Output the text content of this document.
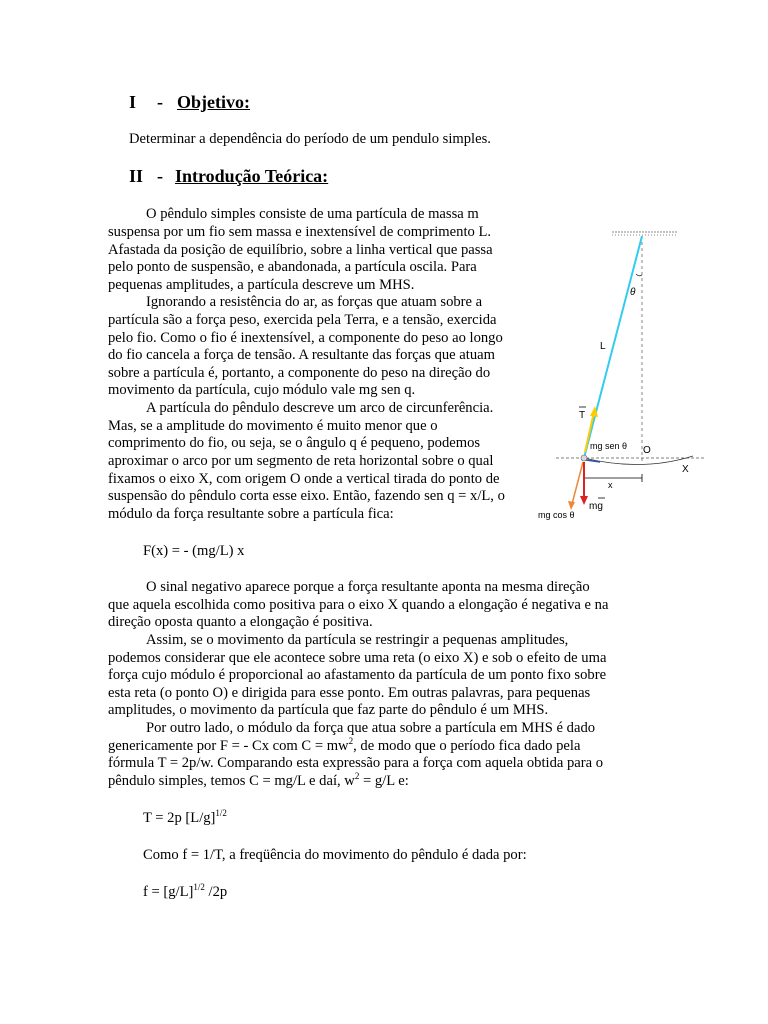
I - Objetivo:
Determinar a dependência do período de um pendulo simples.
II - Introdução Teórica:
O pêndulo simples consiste de uma partícula de massa m
suspensa por um fio sem massa e inextensível de comprimento L.
Afastada da posição de equilíbrio, sobre a linha vertical que passa
pelo ponto de suspensão, e abandonada, a partícula oscila. Para
pequenas amplitudes, a partícula descreve um MHS.
Ignorando a resistência do ar, as forças que atuam sobre a
partícula são a força peso, exercida pela Terra, e a tensão, exercida
pelo fio. Como o fio é inextensível, a componente do peso ao longo
do fio cancela a força de tensão. A resultante das forças que atuam
sobre a partícula é, portanto, a componente do peso na direção do
movimento da partícula, cujo módulo vale mg sen q.
A partícula do pêndulo descreve um arco de circunferência.
Mas, se a amplitude do movimento é muito menor que o
comprimento do fio, ou seja, se o ângulo q é pequeno, podemos
aproximar o arco por um segmento de reta horizontal sobre o qual
fixamos o eixo X, com origem O onde a vertical tirada do ponto de
suspensão do pêndulo corta esse eixo. Então, fazendo sen q = x/L, o
módulo da força resultante sobre a partícula fica:
F(x) = - (mg/L) x
O sinal negativo aparece porque a força resultante aponta na mesma direção
que aquela escolhida como positiva para o eixo X quando a elongação é negativa e na
direção oposta quanto a elongação é positiva.
Assim, se o movimento da partícula se restringir a pequenas amplitudes,
podemos considerar que ele acontece sobre uma reta (o eixo X) e sob o efeito de uma
força cujo módulo é proporcional ao afastamento da partícula de um ponto fixo sobre
esta reta (o ponto O) e dirigida para esse ponto. Em outras palavras, para pequenas
amplitudes, o movimento da partícula que faz parte do pêndulo é um MHS.
Por outro lado, o módulo da força que atua sobre a partícula em MHS é dado
genericamente por F = - Cx com $C = mw^2$, de modo que o período fica dado pela
fórmula T = 2p/w. Comparando esta expressão para a força com aquela obtida para o
pêndulo simples, temos C = mg/L e daí, $w^2 = g/L$ e:
T = 2p $[L/g]^{1/2}$
Como f = 1/T, a freqüência do movimento do pêndulo é dada por:
$f = [g/L]^{1/2}$ /2p
θ
L
T
mg sen θ O
X
x
mg
mg cos θ
